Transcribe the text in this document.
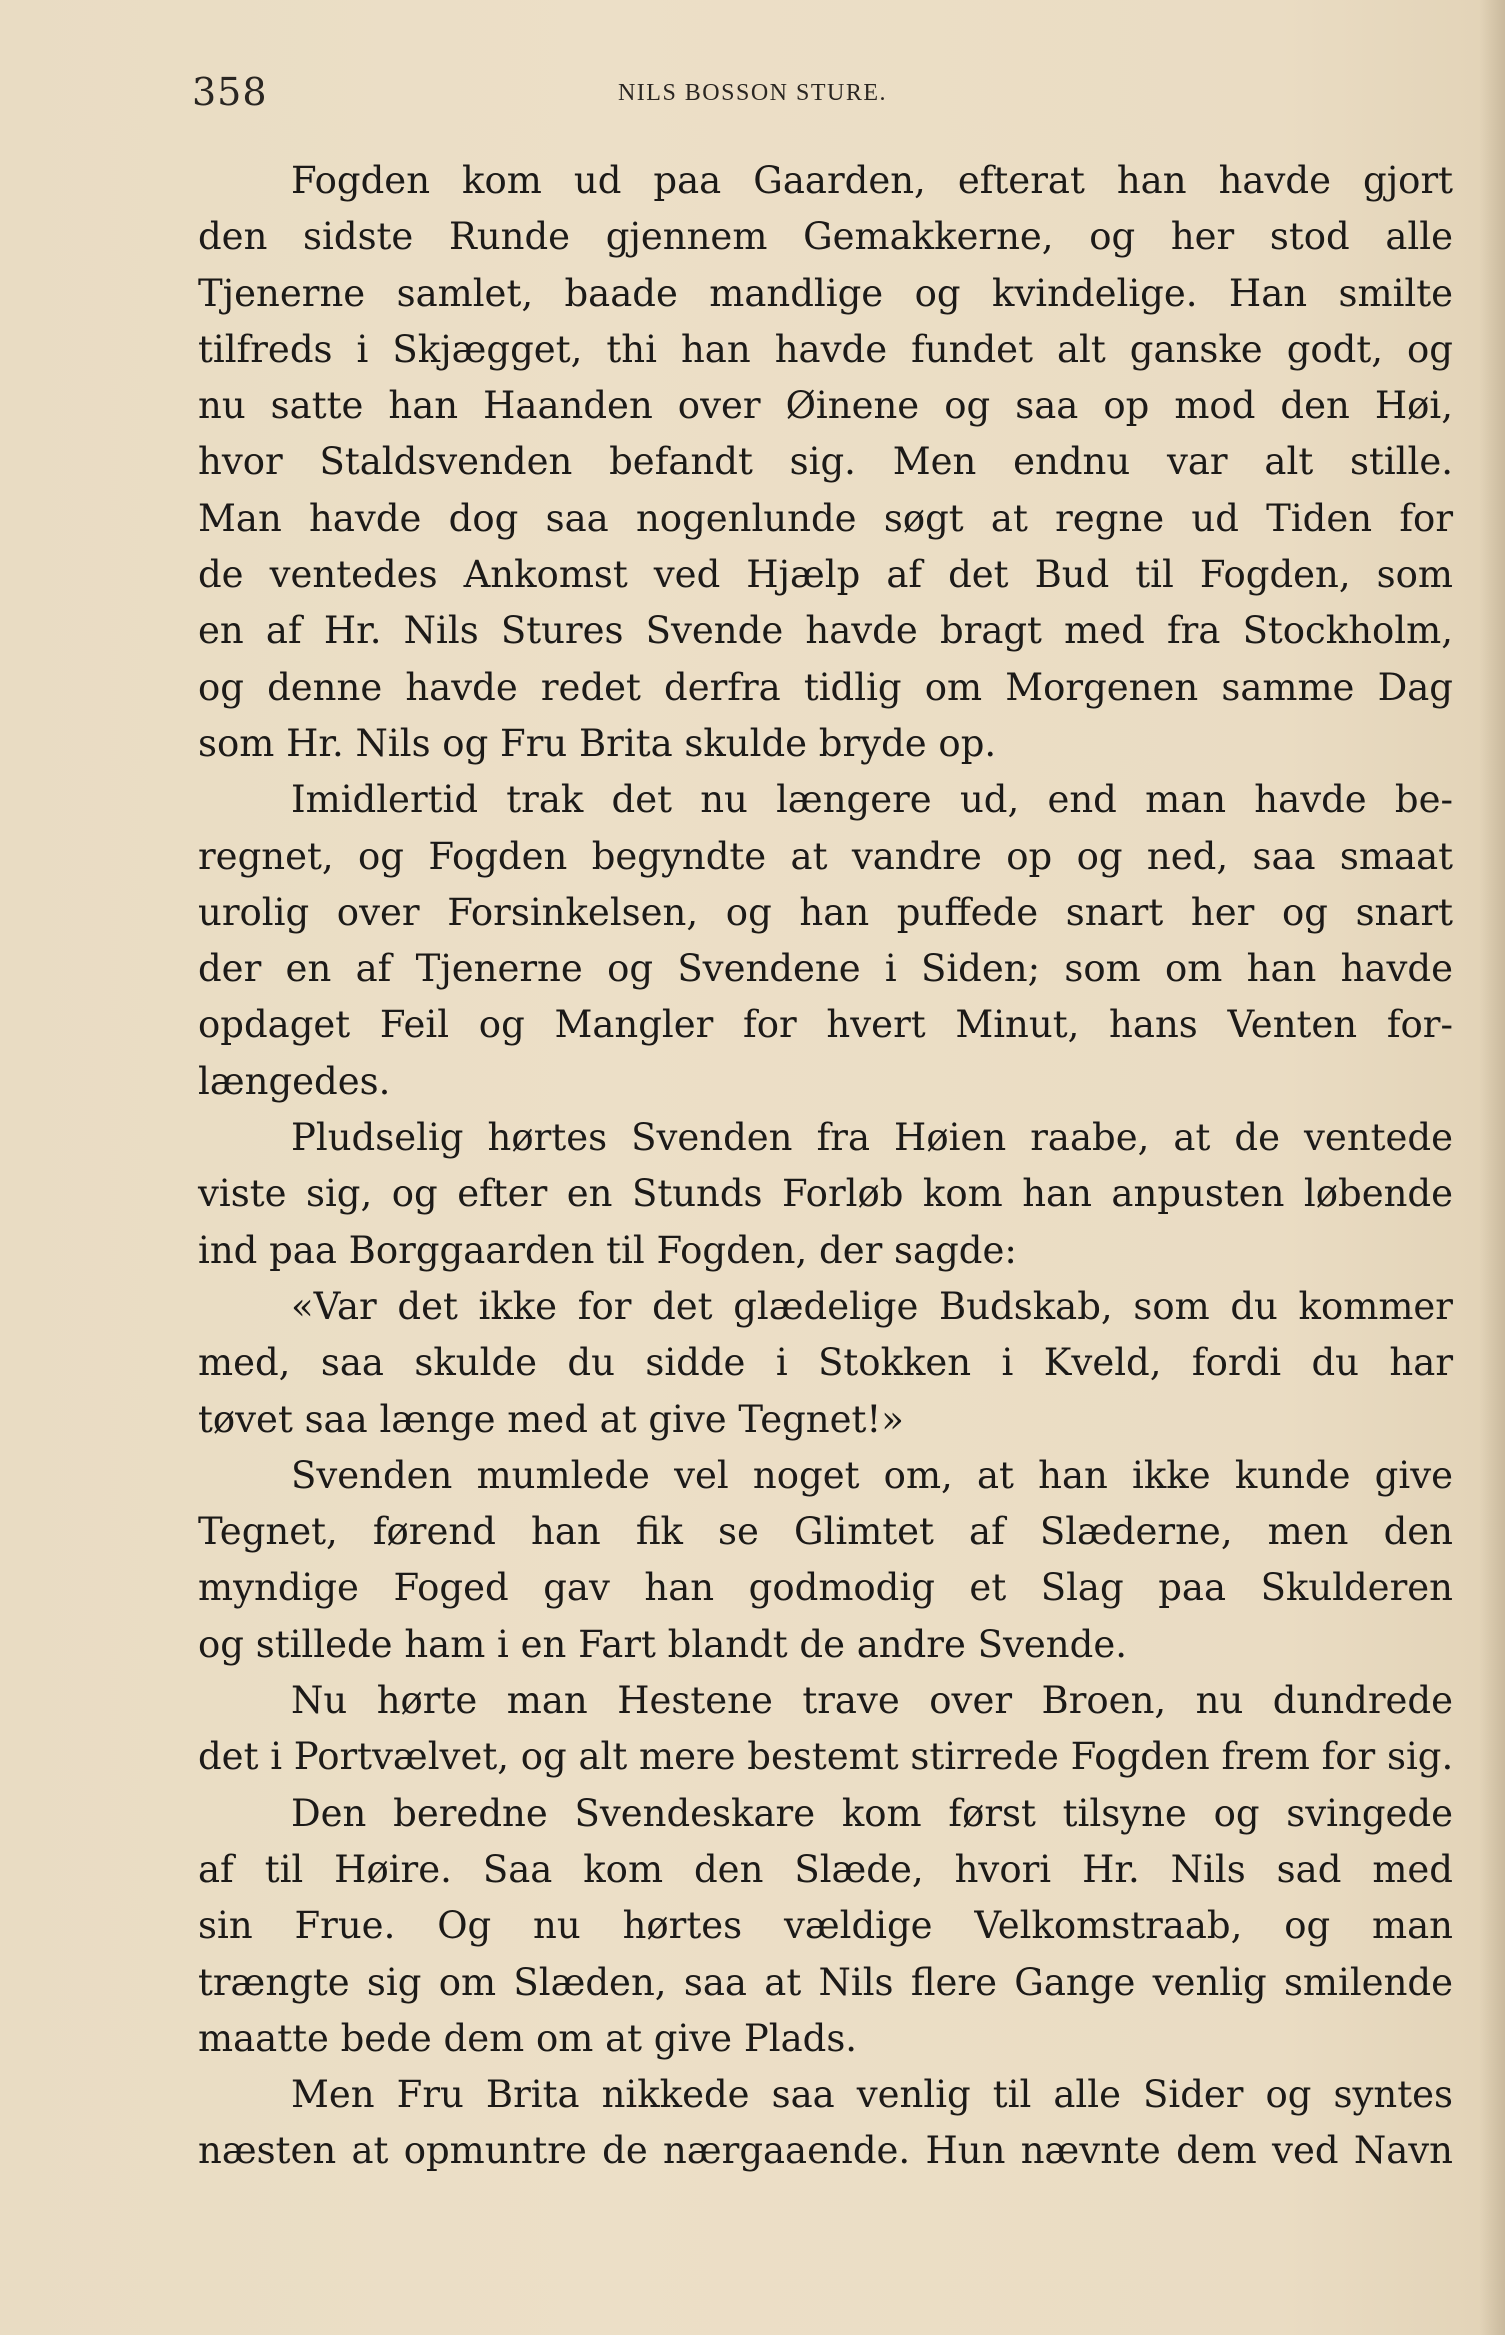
358	NILS BOSSON STURE.
Fogden kom ud paa Gaarden, efterat han havde gjort
den sidste Runde gjennem Gemakkerne, og her stod alle
Tjenerne samlet, baade mandlige og kvindelige. Han smilte
tilfreds i Skjægget, thi han havde fundet alt ganske godt, og
nu satte han Haanden over Øinene og saa op mod den Høi,
hvor Staldsvenden befandt sig. Men endnu var alt stille.
Man havde dog saa nogenlunde søgt at regne ud Tiden for
de ventedes Ankomst ved Hjælp af det Bud til Fogden, som
en af Hr. Nils Stures Svende havde bragt med fra Stockholm,
og denne havde redet derfra tidlig om Morgenen samme Dag
som Hr. Nils og Fru Brita skulde bryde op.
Imidlertid trak det nu længere ud, end man havde be-
regnet, og Fogden begyndte at vandre op og ned, saa smaat
urolig over Forsinkelsen, og han puffede snart her og snart
der en af Tjenerne og Svendene i Siden; som om han havde
opdaget Feil og Mangler for hvert Minut, hans Venten for-
længedes.
Pludselig hørtes Svenden fra Høien raabe, at de ventede
viste sig, og efter en Stunds Forløb kom han anpusten løbende
ind paa Borggaarden til Fogden, der sagde:
«Var det ikke for det glædelige Budskab, som du kommer
med, saa skulde du sidde i Stokken i Kveld, fordi du har
tøvet saa længe med at give Tegnet!»
Svenden mumlede vel noget om, at han ikke kunde give
Tegnet, førend han fik se Glimtet af Slæderne, men den
myndige Foged gav han godmodig et Slag paa Skulderen
og stillede ham i en Fart blandt de andre Svende.
Nu hørte man Hestene trave over Broen, nu dundrede
det i Portvælvet, og alt mere bestemt stirrede Fogden frem for sig.
Den beredne Svendeskare kom først tilsyne og svingede
af til Høire. Saa kom den Slæde, hvori Hr. Nils sad med
sin Frue. Og nu hørtes vældige Velkomstraab, og man
trængte sig om Slæden, saa at Nils flere Gange venlig smilende
maatte bede dem om at give Plads.
Men Fru Brita nikkede saa venlig til alle Sider og syntes
næsten at opmuntre de nærgaaende. Hun nævnte dem ved Navn
